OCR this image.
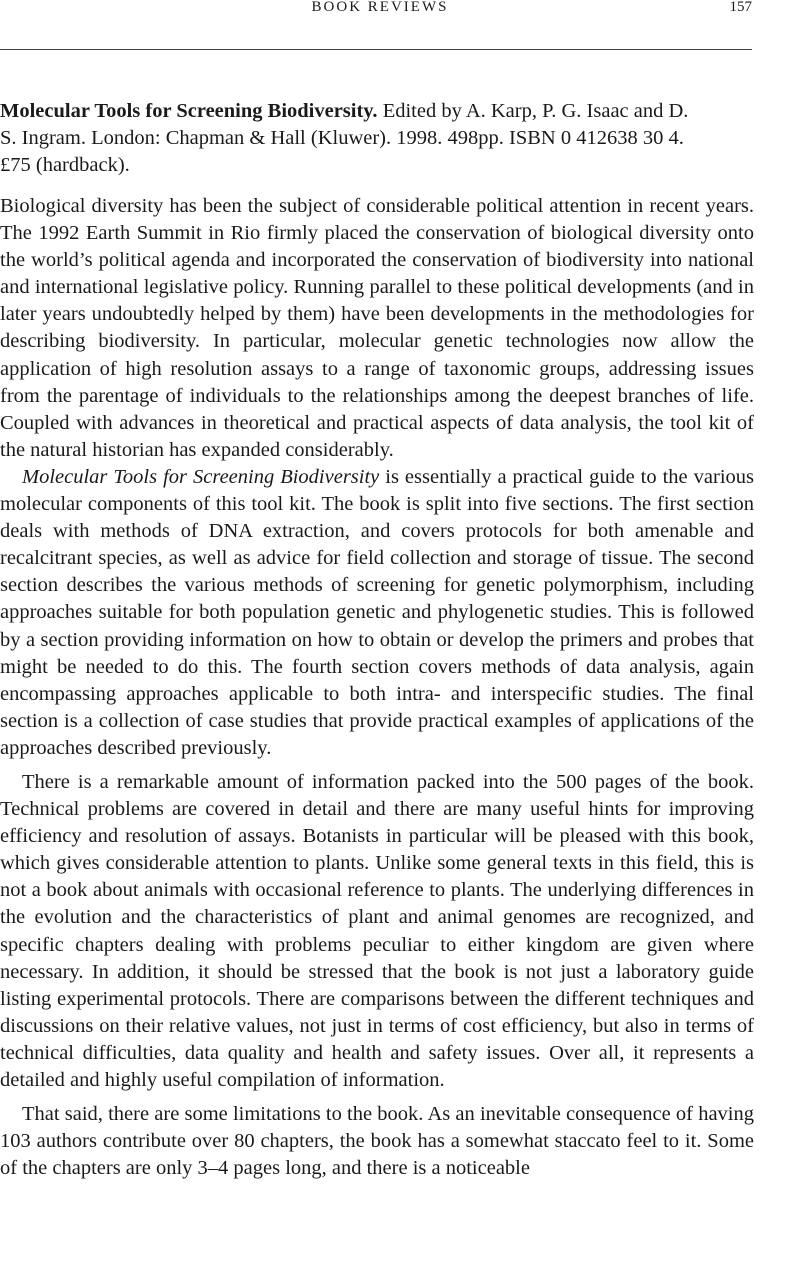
BOOK REVIEWS	157

Molecular Tools for Screening Biodiversity. Edited by A. Karp, P. G. Isaac and D. S. Ingram. London: Chapman & Hall (Kluwer). 1998. 498pp. ISBN 0 412638 30 4. £75 (hardback).

Biological diversity has been the subject of considerable political attention in recent years. The 1992 Earth Summit in Rio firmly placed the conservation of biological diversity onto the world’s political agenda and incorporated the conservation of biodiversity into national and international legislative policy. Running parallel to these political developments (and in later years undoubtedly helped by them) have been developments in the methodologies for describing biodiversity. In particular, molecular genetic technologies now allow the application of high resolution assays to a range of taxonomic groups, addressing issues from the parentage of individuals to the relationships among the deepest branches of life. Coupled with advances in theoretical and practical aspects of data analysis, the tool kit of the natural historian has expanded considerably.

Molecular Tools for Screening Biodiversity is essentially a practical guide to the various molecular components of this tool kit. The book is split into five sections. The first section deals with methods of DNA extraction, and covers protocols for both amenable and recalcitrant species, as well as advice for field collection and storage of tissue. The second section describes the various methods of screening for genetic polymorphism, including approaches suitable for both population genetic and phylogenetic studies. This is followed by a section providing information on how to obtain or develop the primers and probes that might be needed to do this. The fourth section covers methods of data analysis, again encompassing approaches applicable to both intra- and interspecific studies. The final section is a collection of case studies that provide practical examples of applications of the approaches described previously.

There is a remarkable amount of information packed into the 500 pages of the book. Technical problems are covered in detail and there are many useful hints for improving efficiency and resolution of assays. Botanists in particular will be pleased with this book, which gives considerable attention to plants. Unlike some general texts in this field, this is not a book about animals with occasional reference to plants. The underlying differences in the evolution and the characteristics of plant and animal genomes are recognized, and specific chapters dealing with problems peculiar to either kingdom are given where necessary. In addition, it should be stressed that the book is not just a laboratory guide listing experimental protocols. There are comparisons between the different techniques and discussions on their relative values, not just in terms of cost efficiency, but also in terms of technical difficulties, data quality and health and safety issues. Over all, it represents a detailed and highly useful compilation of information.

That said, there are some limitations to the book. As an inevitable consequence of having 103 authors contribute over 80 chapters, the book has a somewhat staccato feel to it. Some of the chapters are only 3–4 pages long, and there is a noticeable
